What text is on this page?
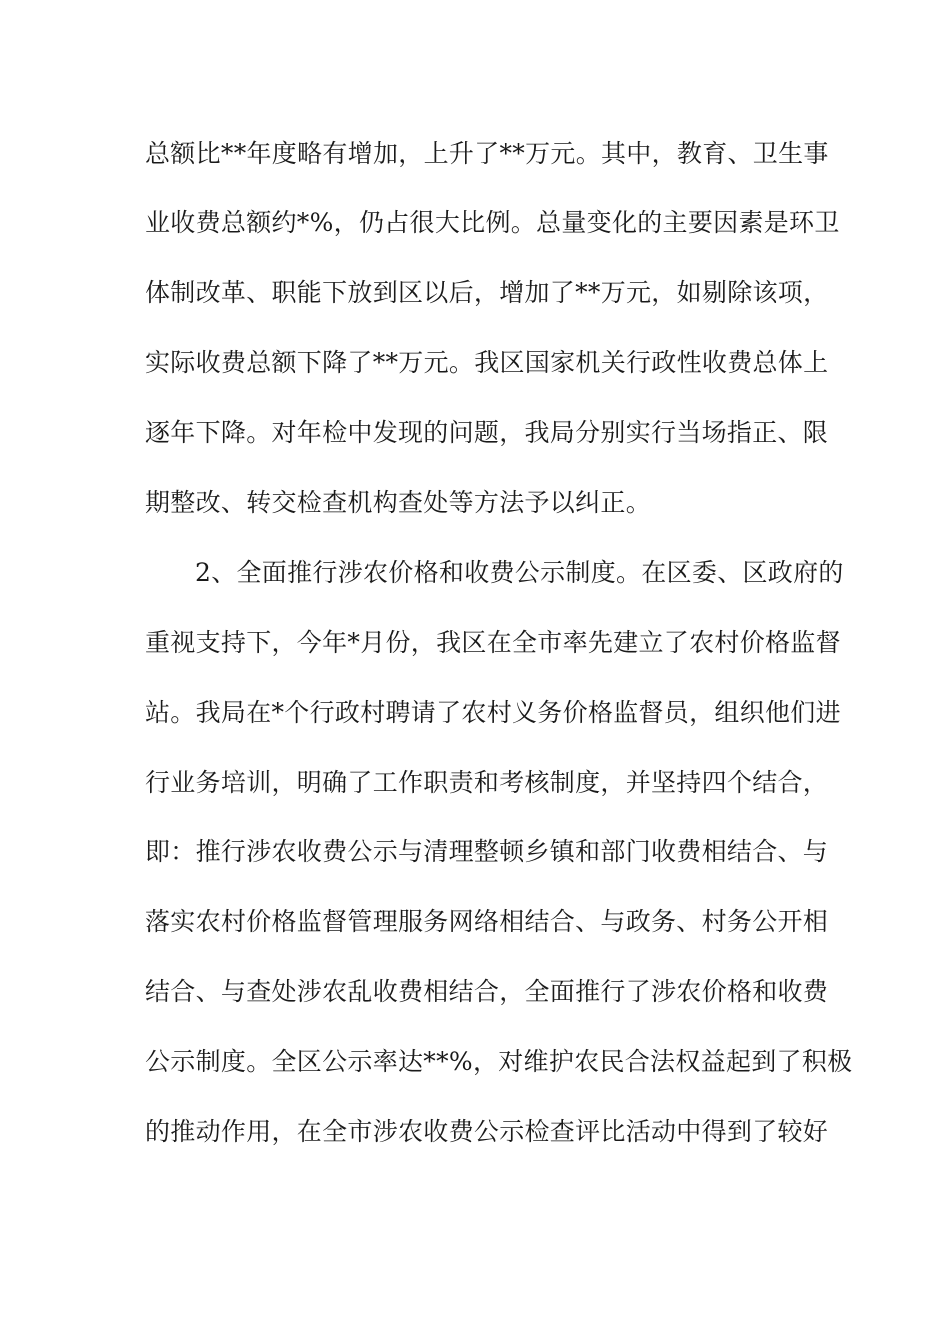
总额比**年度略有增加，上升了**万元。其中，教育、卫生事
业收费总额约*%，仍占很大比例。总量变化的主要因素是环卫
体制改革、职能下放到区以后，增加了**万元，如剔除该项，
实际收费总额下降了**万元。我区国家机关行政性收费总体上
逐年下降。对年检中发现的问题，我局分别实行当场指正、限
期整改、转交检查机构查处等方法予以纠正。
2、全面推行涉农价格和收费公示制度。在区委、区政府的
重视支持下，今年*月份，我区在全市率先建立了农村价格监督
站。我局在*个行政村聘请了农村义务价格监督员，组织他们进
行业务培训，明确了工作职责和考核制度，并坚持四个结合，
即：推行涉农收费公示与清理整顿乡镇和部门收费相结合、与
落实农村价格监督管理服务网络相结合、与政务、村务公开相
结合、与查处涉农乱收费相结合，全面推行了涉农价格和收费
公示制度。全区公示率达**%，对维护农民合法权益起到了积极
的推动作用，在全市涉农收费公示检查评比活动中得到了较好
